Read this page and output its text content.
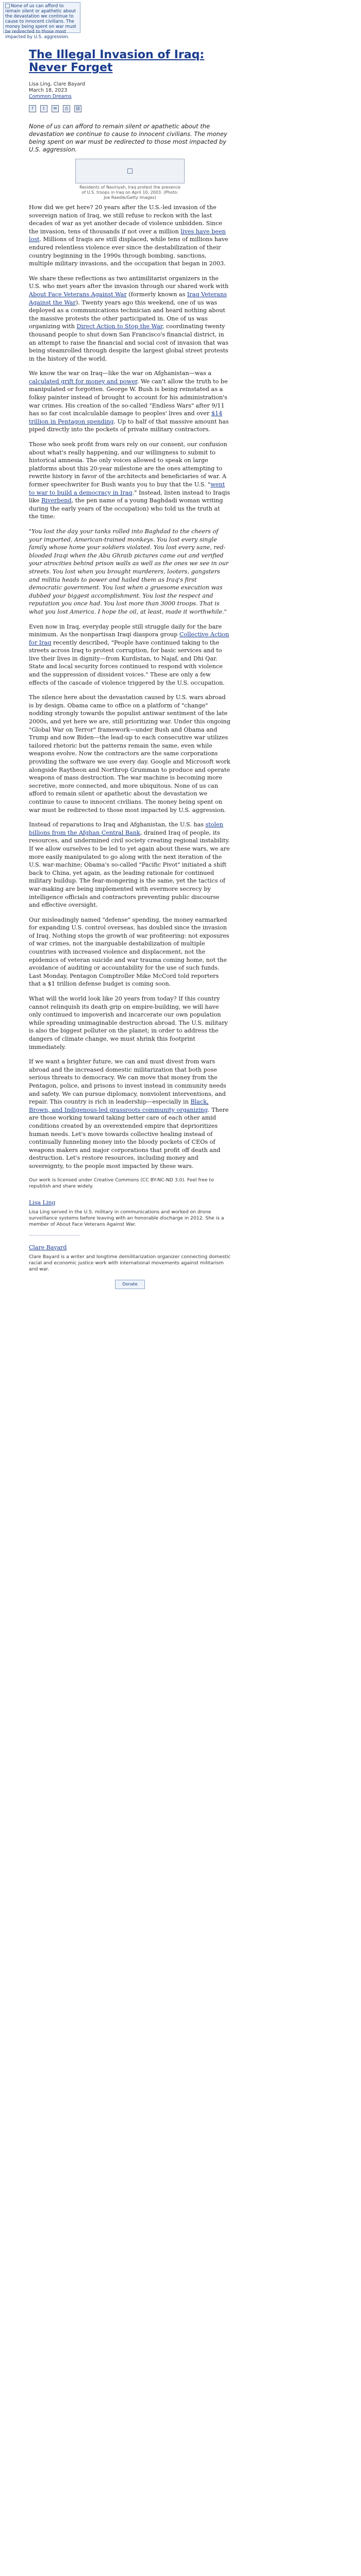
None of us can afford to remain silent or apathetic about the devastation we continue to cause to innocent civilians. The money being spent on war must be redirected to those most impacted by U.S. aggression.
The Illegal Invasion of Iraq: Never Forget
Lisa Ling, Clare Bayard
March 18, 2023
Common Dreams
f	t	✉	⎙	⛓
None of us can afford to remain silent or apathetic about the devastation we continue to cause to innocent civilians. The money being spent on war must be redirected to those most impacted by U.S. aggression.
Residents of Nasiriyah, Iraq protest the presence of U.S. troops in Iraq on April 10, 2003. (Photo: Joe Raedle/Getty Images)

How did we get here? 20 years after the U.S.-led invasion of the sovereign nation of Iraq, we still refuse to reckon with the last decades of war as yet another decade of violence unbidden. Since the invasion, tens of thousands if not over a million lives have been lost. Millions of Iraqis are still displaced, while tens of millions have endured relentless violence ever since the destabilization of their country beginning in the 1990s through bombing, sanctions, multiple military invasions, and the occupation that began in 2003.

We share these reflections as two antimilitarist organizers in the U.S. who met years after the invasion through our shared work with About Face Veterans Against War (formerly known as Iraq Veterans Against the War). Twenty years ago this weekend, one of us was deployed as a communications technician and heard nothing about the massive protests the other participated in. One of us was organizing with Direct Action to Stop the War, coordinating twenty thousand people to shut down San Francisco's financial district, in an attempt to raise the financial and social cost of invasion that was being steamrolled through despite the largest global street protests in the history of the world.

We know the war on Iraq—like the war on Afghanistan—was a calculated grift for money and power. We can't allow the truth to be manipulated or forgotten. George W. Bush is being reinstated as a folksy painter instead of brought to account for his administration's war crimes. His creation of the so-called "Endless Wars" after 9/11 has so far cost incalculable damage to peoples' lives and over $14 trillion in Pentagon spending. Up to half of that massive amount has piped directly into the pockets of private military contractors.

Those who seek profit from wars rely on our consent, our confusion about what's really happening, and our willingness to submit to historical amnesia. The only voices allowed to speak on large platforms about this 20-year milestone are the ones attempting to rewrite history in favor of the architects and beneficiaries of war. A former speechwriter for Bush wants you to buy that the U.S. "went to war to build a democracy in Iraq." Instead, listen instead to Iraqis like Riverbend, the pen name of a young Baghdadi woman writing during the early years of the occupation) who told us the truth at the time:

"You lost the day your tanks rolled into Baghdad to the cheers of your imported, American-trained monkeys. You lost every single family whose home your soldiers violated. You lost every sane, red-blooded Iraqi when the Abu Ghraib pictures came out and verified your atrocities behind prison walls as well as the ones we see in our streets. You lost when you brought murderers, looters, gangsters and militia heads to power and hailed them as Iraq's first democratic government. You lost when a gruesome execution was dubbed your biggest accomplishment. You lost the respect and reputation you once had. You lost more than 3000 troops. That is what you lost America. I hope the oil, at least, made it worthwhile."

Even now in Iraq, everyday people still struggle daily for the bare minimum. As the nonpartisan Iraqi diaspora group Collective Action for Iraq recently described, "People have continued taking to the streets across Iraq to protest corruption, for basic services and to live their lives in dignity—from Kurdistan, to Najaf, and Dhi Qar. State and local security forces continued to respond with violence and the suppression of dissident voices." These are only a few effects of the cascade of violence triggered by the U.S. occupation.

The silence here about the devastation caused by U.S. wars abroad is by design. Obama came to office on a platform of "change" nodding strongly towards the populist antiwar sentiment of the late 2000s, and yet here we are, still prioritizing war. Under this ongoing "Global War on Terror" framework—under Bush and Obama and Trump and now Biden—the lead-up to each consecutive war utilizes tailored rhetoric but the patterns remain the same, even while weapons evolve. Now the contractors are the same corporations providing the software we use every day. Google and Microsoft work alongside Raytheon and Northrop Grumman to produce and operate weapons of mass destruction. The war machine is becoming more secretive, more connected, and more ubiquitous. None of us can afford to remain silent or apathetic about the devastation we continue to cause to innocent civilians. The money being spent on war must be redirected to those most impacted by U.S. aggression.

Instead of reparations to Iraq and Afghanistan, the U.S. has stolen billions from the Afghan Central Bank, drained Iraq of people, its resources, and undermined civil society creating regional instability. If we allow ourselves to be led to yet again about these wars, we are more easily manipulated to go along with the next iteration of the U.S. war-machine; Obama's so-called "Pacific Pivot" initiated a shift back to China, yet again, as the leading rationale for continued military buildup. The fear-mongering is the same, yet the tactics of war-making are being implemented with evermore secrecy by intelligence officials and contractors preventing public discourse and effective oversight.

Our misleadingly named "defense" spending, the money earmarked for expanding U.S. control overseas, has doubled since the invasion of Iraq. Nothing stops the growth of war profiteering: not exposures of war crimes, not the inarguable destabilization of multiple countries with increased violence and displacement, not the epidemics of veteran suicide and war trauma coming home, not the avoidance of auditing or accountability for the use of such funds. Last Monday, Pentagon Comptroller Mike McCord told reporters that a $1 trillion defense budget is coming soon.

What will the world look like 20 years from today? If this country cannot relinquish its death grip on empire-building, we will have only continued to impoverish and incarcerate our own population while spreading unimaginable destruction abroad. The U.S. military is also the biggest polluter on the planet; in order to address the dangers of climate change, we must shrink this footprint immediately.

If we want a brighter future, we can and must divest from wars abroad and the increased domestic militarization that both pose serious threats to democracy. We can move that money from the Pentagon, police, and prisons to invest instead in community needs and safety. We can pursue diplomacy, nonviolent interventions, and repair. This country is rich in leadership—especially in Black, Brown, and Indigenous-led grassroots community organizing. There are those working toward taking better care of each other amid conditions created by an overextended empire that deprioritizes human needs. Let's move towards collective healing instead of continually funneling money into the bloody pockets of CEOs of weapons makers and major corporations that profit off death and destruction. Let's restore resources, including money and sovereignty, to the people most impacted by these wars.

Our work is licensed under Creative Commons (CC BY-NC-ND 3.0). Feel free to republish and share widely.
Lisa Ling
Lisa Ling served in the U.S. military in communications and worked on drone surveillance systems before leaving with an honorable discharge in 2012. She is a member of About Face Veterans Against War.
Clare Bayard
Clare Bayard is a writer and longtime demilitarization organizer connecting domestic racial and economic justice work with international movements against militarism and war.
Donate
